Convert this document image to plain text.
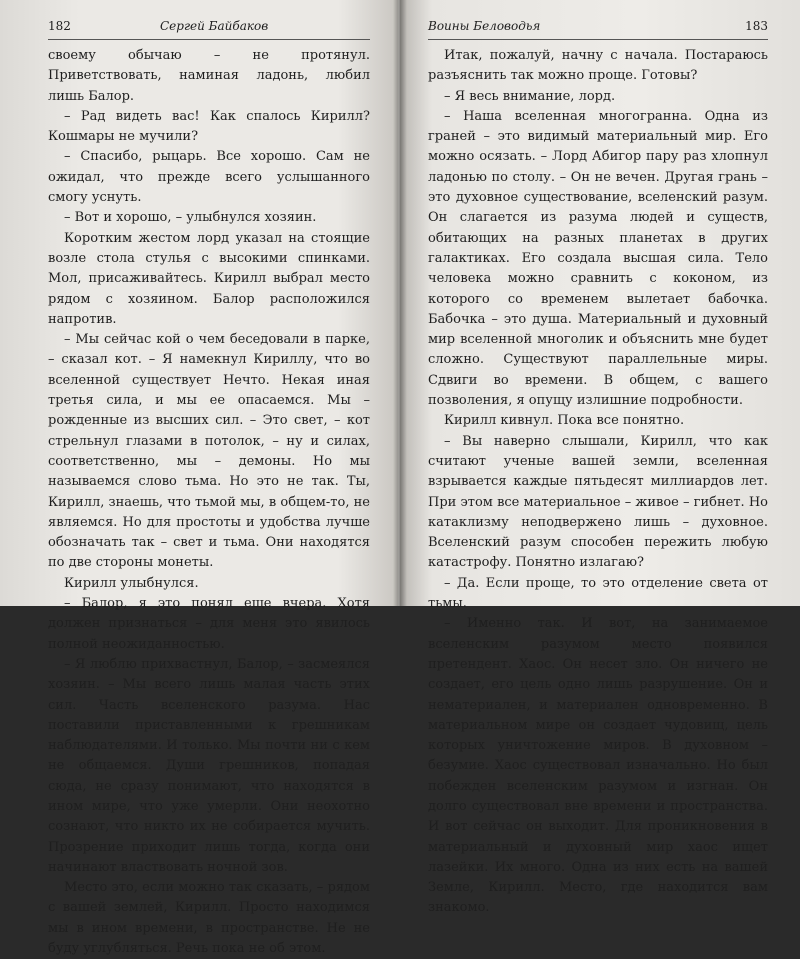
182	Сергей Байбаков

своему обычаю – не протянул. Приветствовать, наминая ладонь, любил лишь Балор.

– Рад видеть вас! Как спалось Кирилл? Кошмары не мучили?

– Спасибо, рыцарь. Все хорошо. Сам не ожидал, что прежде всего услышанного смогу уснуть.

– Вот и хорошо, – улыбнулся хозяин.

Коротким жестом лорд указал на стоящие возле стола стулья с высокими спинками. Мол, присаживайтесь. Кирилл выбрал место рядом с хозяином. Балор расположился напротив.

– Мы сейчас кой о чем беседовали в парке, – сказал кот. – Я намекнул Кириллу, что во вселенной существует Нечто. Некая иная третья сила, и мы ее опасаемся. Мы – рожденные из высших сил. – Это свет, – кот стрельнул глазами в потолок, – ну и силах, соответственно, мы – демоны. Но мы называемся слово тьма. Но это не так. Ты, Кирилл, знаешь, что тьмой мы, в общем-то, не являемся. Но для простоты и удобства лучше обозначать так – свет и тьма. Они находятся по две стороны монеты.

Кирилл улыбнулся.

– Балор, я это понял еще вчера. Хотя должен признаться – для меня это явилось полной неожиданностью.

– Я люблю прихвастнул, Балор, – засмеялся хозяин. – Мы всего лишь малая часть этих сил. Часть вселенского разума. Нас поставили приставленными к грешникам наблюдателями. И только. Мы почти ни с кем не общаемся. Души грешников, попадая сюда, не сразу понимают, что находятся в ином мире, что уже умерли. Они неохотно сознают, что никто их не собирается мучить. Прозрение приходит лишь тогда, когда они начинают властвовать ночной зов.

Место это, если можно так сказать, – рядом с вашей землей, Кирилл. Просто находимся мы в ином времени, в пространстве. Не не буду углубляться. Речь пока не об этом.

Воины Беловодья	183

Итак, пожалуй, начну с начала. Постараюсь разъяснить так можно проще. Готовы?

– Я весь внимание, лорд.

– Наша вселенная многогранна. Одна из граней – это видимый материальный мир. Его можно осязать. – Лорд Абигор пару раз хлопнул ладонью по столу. – Он не вечен. Другая грань – это духовное существование, вселенский разум. Он слагается из разума людей и существ, обитающих на разных планетах в других галактиках. Его создала высшая сила. Тело человека можно сравнить с коконом, из которого со временем вылетает бабочка. Бабочка – это душа. Материальный и духовный мир вселенной многолик и объяснить мне будет сложно. Существуют параллельные миры. Сдвиги во времени. В общем, с вашего позволения, я опущу излишние подробности.

Кирилл кивнул. Пока все понятно.

– Вы наверно слышали, Кирилл, что как считают ученые вашей земли, вселенная взрывается каждые пятьдесят миллиардов лет. При этом все материальное – живое – гибнет. Но катаклизму неподвержено лишь – духовное. Вселенский разум способен пережить любую катастрофу. Понятно излагаю?

– Да. Если проще, то это отделение света от тьмы.

– Именно так. И вот, на занимаемое вселенским разумом место появился претендент. Хаос. Он несет зло. Он ничего не создает, его цель одно лишь разрушение. Он и нематериален, и материален одновременно. В материальном мире он создает чудовищ, цель которых уничтожение миров. В духовном – безумие. Хаос существовал изначально. Но был побежден вселенским разумом и изгнан. Он долго существовал вне времени и пространства. И вот сейчас он выходит. Для проникновения в материальный и духовный мир хаос ищет лазейки. Их много. Одна из них есть на вашей Земле, Кирилл. Место, где находится вам знакомо.
